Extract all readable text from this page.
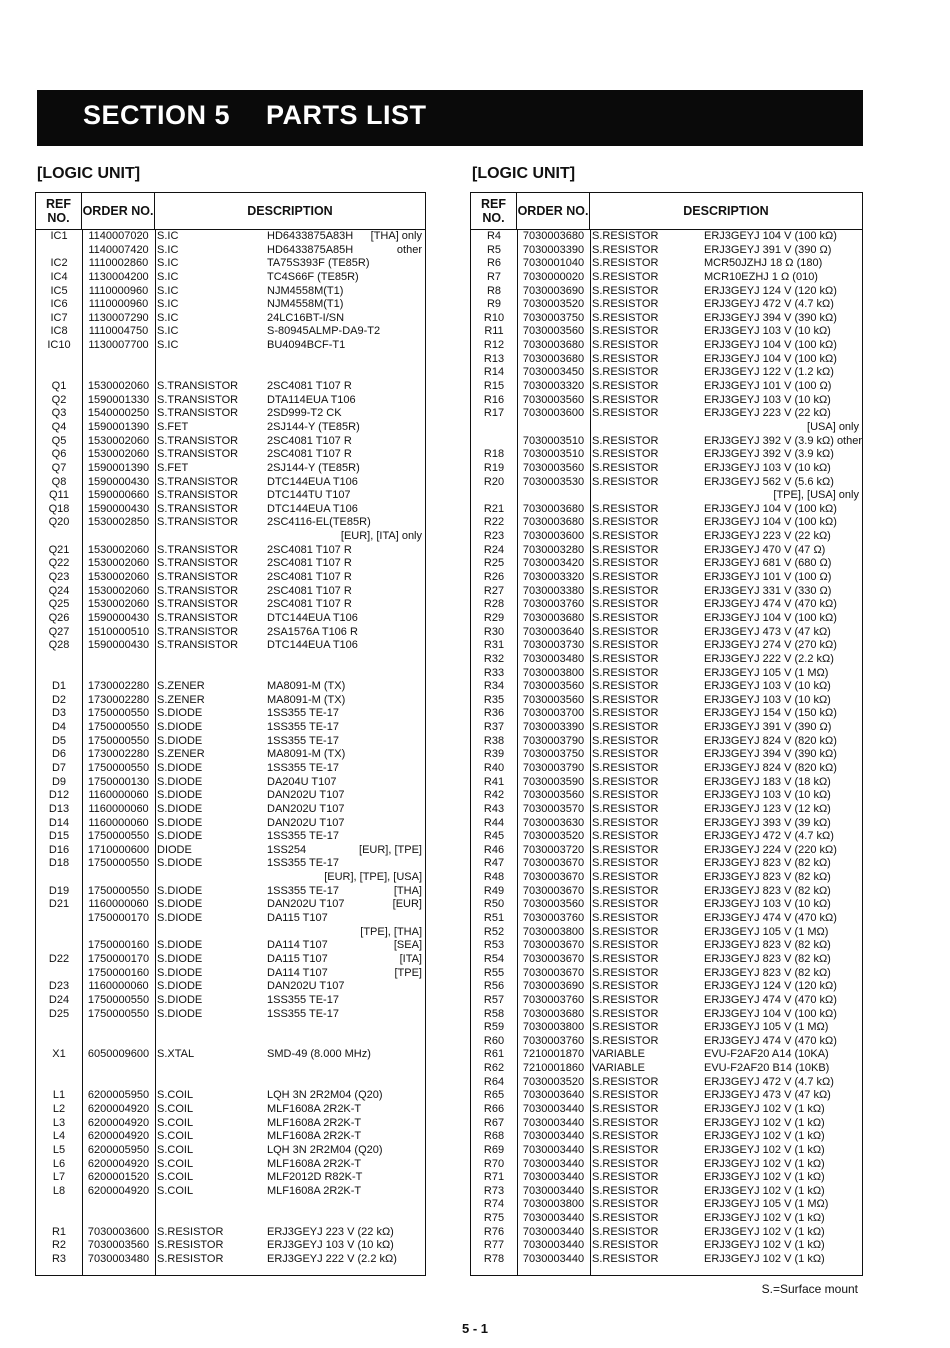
SECTION 5 PARTS LIST
[LOGIC UNIT]	[LOGIC UNIT]
REF NO.	ORDER NO.	DESCRIPTION
IC1	1140007020 S.IC	HD6433875A83H [THA] only
1140007420 S.IC	HD6433875A85H	other
IC2	1110002860 S.IC	TA75S393F (TE85R)
IC4	1130004200 S.IC	TC4S66F (TE85R)
IC5	1110000960 S.IC	NJM4558M(T1)
IC6	1110000960 S.IC	NJM4558M(T1)
IC7	1130007290 S.IC	24LC16BT-I/SN
IC8	1110004750 S.IC	S-80945ALMP-DA9-T2
IC10	1130007700 S.IC	BU4094BCF-T1
Q1	1530002060 S.TRANSISTOR	2SC4081 T107 R
Q2	1590001330 S.TRANSISTOR	DTA114EUA T106
Q3	1540000250 S.TRANSISTOR	2SD999-T2 CK
Q4	1590001390 S.FET	2SJ144-Y (TE85R)
Q5	1530002060 S.TRANSISTOR	2SC4081 T107 R
Q6	1530002060 S.TRANSISTOR	2SC4081 T107 R
Q7	1590001390 S.FET	2SJ144-Y (TE85R)
Q8	1590000430 S.TRANSISTOR	DTC144EUA T106
Q11	1590000660 S.TRANSISTOR	DTC144TU T107
Q18	1590000430 S.TRANSISTOR	DTC144EUA T106
Q20	1530002850 S.TRANSISTOR	2SC4116-EL(TE85R)
[EUR], [ITA] only
Q21	1530002060 S.TRANSISTOR	2SC4081 T107 R
Q22	1530002060 S.TRANSISTOR	2SC4081 T107 R
Q23	1530002060 S.TRANSISTOR	2SC4081 T107 R
Q24	1530002060 S.TRANSISTOR	2SC4081 T107 R
Q25	1530002060 S.TRANSISTOR	2SC4081 T107 R
Q26	1590000430 S.TRANSISTOR	DTC144EUA T106
Q27	1510000510 S.TRANSISTOR	2SA1576A T106 R
Q28	1590000430 S.TRANSISTOR	DTC144EUA T106
D1	1730002280 S.ZENER	MA8091-M (TX)
D2	1730002280 S.ZENER	MA8091-M (TX)
D3	1750000550 S.DIODE	1SS355 TE-17
D4	1750000550 S.DIODE	1SS355 TE-17
D5	1750000550 S.DIODE	1SS355 TE-17
D6	1730002280 S.ZENER	MA8091-M (TX)
D7	1750000550 S.DIODE	1SS355 TE-17
D9	1750000130 S.DIODE	DA204U T107
D12	1160000060 S.DIODE	DAN202U T107
D13	1160000060 S.DIODE	DAN202U T107
D14	1160000060 S.DIODE	DAN202U T107
D15	1750000550 S.DIODE	1SS355 TE-17
D16	1710000600 DIODE	1SS254	[EUR], [TPE]
D18	1750000550 S.DIODE	1SS355 TE-17
[EUR], [TPE], [USA]
D19	1750000550 S.DIODE	1SS355 TE-17	[THA]
D21	1160000060 S.DIODE	DAN202U T107	[EUR]
1750000170 S.DIODE	DA115 T107
[TPE], [THA]
1750000160 S.DIODE	DA114 T107	[SEA]
D22	1750000170 S.DIODE	DA115 T107	[ITA]
1750000160 S.DIODE	DA114 T107	[TPE]
D23	1160000060 S.DIODE	DAN202U T107
D24	1750000550 S.DIODE	1SS355 TE-17
D25	1750000550 S.DIODE	1SS355 TE-17
X1	6050009600 S.XTAL	SMD-49 (8.000 MHz)
L1	6200005950 S.COIL	LQH 3N 2R2M04 (Q20)
L2	6200004920 S.COIL	MLF1608A 2R2K-T
L3	6200004920 S.COIL	MLF1608A 2R2K-T
L4	6200004920 S.COIL	MLF1608A 2R2K-T
L5	6200005950 S.COIL	LQH 3N 2R2M04 (Q20)
L6	6200004920 S.COIL	MLF1608A 2R2K-T
L7	6200001520 S.COIL	MLF2012D R82K-T
L8	6200004920 S.COIL	MLF1608A 2R2K-T
R1	7030003600 S.RESISTOR	ERJ3GEYJ 223 V (22 kΩ)
R2	7030003560 S.RESISTOR	ERJ3GEYJ 103 V (10 kΩ)
R3	7030003480 S.RESISTOR	ERJ3GEYJ 222 V (2.2 kΩ)
REF NO.	ORDER NO.	DESCRIPTION
R4	7030003680 S.RESISTOR	ERJ3GEYJ 104 V (100 kΩ)
R5	7030003390 S.RESISTOR	ERJ3GEYJ 391 V (390 Ω)
R6	7030001040 S.RESISTOR	MCR50JZHJ 18 Ω (180)
R7	7030000020 S.RESISTOR	MCR10EZHJ 1 Ω (010)
R8	7030003690 S.RESISTOR	ERJ3GEYJ 124 V (120 kΩ)
R9	7030003520 S.RESISTOR	ERJ3GEYJ 472 V (4.7 kΩ)
R10	7030003750 S.RESISTOR	ERJ3GEYJ 394 V (390 kΩ)
R11	7030003560 S.RESISTOR	ERJ3GEYJ 103 V (10 kΩ)
R12	7030003680 S.RESISTOR	ERJ3GEYJ 104 V (100 kΩ)
R13	7030003680 S.RESISTOR	ERJ3GEYJ 104 V (100 kΩ)
R14	7030003450 S.RESISTOR	ERJ3GEYJ 122 V (1.2 kΩ)
R15	7030003320 S.RESISTOR	ERJ3GEYJ 101 V (100 Ω)
R16	7030003560 S.RESISTOR	ERJ3GEYJ 103 V (10 kΩ)
R17	7030003600 S.RESISTOR	ERJ3GEYJ 223 V (22 kΩ)
[USA] only
7030003510 S.RESISTOR	ERJ3GEYJ 392 V (3.9 kΩ) other
R18	7030003510 S.RESISTOR	ERJ3GEYJ 392 V (3.9 kΩ)
R19	7030003560 S.RESISTOR	ERJ3GEYJ 103 V (10 kΩ)
R20	7030003530 S.RESISTOR	ERJ3GEYJ 562 V (5.6 kΩ)
[TPE], [USA] only
R21	7030003680 S.RESISTOR	ERJ3GEYJ 104 V (100 kΩ)
R22	7030003680 S.RESISTOR	ERJ3GEYJ 104 V (100 kΩ)
R23	7030003600 S.RESISTOR	ERJ3GEYJ 223 V (22 kΩ)
R24	7030003280 S.RESISTOR	ERJ3GEYJ 470 V (47 Ω)
R25	7030003420 S.RESISTOR	ERJ3GEYJ 681 V (680 Ω)
R26	7030003320 S.RESISTOR	ERJ3GEYJ 101 V (100 Ω)
R27	7030003380 S.RESISTOR	ERJ3GEYJ 331 V (330 Ω)
R28	7030003760 S.RESISTOR	ERJ3GEYJ 474 V (470 kΩ)
R29	7030003680 S.RESISTOR	ERJ3GEYJ 104 V (100 kΩ)
R30	7030003640 S.RESISTOR	ERJ3GEYJ 473 V (47 kΩ)
R31	7030003730 S.RESISTOR	ERJ3GEYJ 274 V (270 kΩ)
R32	7030003480 S.RESISTOR	ERJ3GEYJ 222 V (2.2 kΩ)
R33	7030003800 S.RESISTOR	ERJ3GEYJ 105 V (1 MΩ)
R34	7030003560 S.RESISTOR	ERJ3GEYJ 103 V (10 kΩ)
R35	7030003560 S.RESISTOR	ERJ3GEYJ 103 V (10 kΩ)
R36	7030003700 S.RESISTOR	ERJ3GEYJ 154 V (150 kΩ)
R37	7030003390 S.RESISTOR	ERJ3GEYJ 391 V (390 Ω)
R38	7030003790 S.RESISTOR	ERJ3GEYJ 824 V (820 kΩ)
R39	7030003750 S.RESISTOR	ERJ3GEYJ 394 V (390 kΩ)
R40	7030003790 S.RESISTOR	ERJ3GEYJ 824 V (820 kΩ)
R41	7030003590 S.RESISTOR	ERJ3GEYJ 183 V (18 kΩ)
R42	7030003560 S.RESISTOR	ERJ3GEYJ 103 V (10 kΩ)
R43	7030003570 S.RESISTOR	ERJ3GEYJ 123 V (12 kΩ)
R44	7030003630 S.RESISTOR	ERJ3GEYJ 393 V (39 kΩ)
R45	7030003520 S.RESISTOR	ERJ3GEYJ 472 V (4.7 kΩ)
R46	7030003720 S.RESISTOR	ERJ3GEYJ 224 V (220 kΩ)
R47	7030003670 S.RESISTOR	ERJ3GEYJ 823 V (82 kΩ)
R48	7030003670 S.RESISTOR	ERJ3GEYJ 823 V (82 kΩ)
R49	7030003670 S.RESISTOR	ERJ3GEYJ 823 V (82 kΩ)
R50	7030003560 S.RESISTOR	ERJ3GEYJ 103 V (10 kΩ)
R51	7030003760 S.RESISTOR	ERJ3GEYJ 474 V (470 kΩ)
R52	7030003800 S.RESISTOR	ERJ3GEYJ 105 V (1 MΩ)
R53	7030003670 S.RESISTOR	ERJ3GEYJ 823 V (82 kΩ)
R54	7030003670 S.RESISTOR	ERJ3GEYJ 823 V (82 kΩ)
R55	7030003670 S.RESISTOR	ERJ3GEYJ 823 V (82 kΩ)
R56	7030003690 S.RESISTOR	ERJ3GEYJ 124 V (120 kΩ)
R57	7030003760 S.RESISTOR	ERJ3GEYJ 474 V (470 kΩ)
R58	7030003680 S.RESISTOR	ERJ3GEYJ 104 V (100 kΩ)
R59	7030003800 S.RESISTOR	ERJ3GEYJ 105 V (1 MΩ)
R60	7030003760 S.RESISTOR	ERJ3GEYJ 474 V (470 kΩ)
R61	7210001870 VARIABLE	EVU-F2AF20 A14 (10KA)
R62	7210001860 VARIABLE	EVU-F2AF20 B14 (10KB)
R64	7030003520 S.RESISTOR	ERJ3GEYJ 472 V (4.7 kΩ)
R65	7030003640 S.RESISTOR	ERJ3GEYJ 473 V (47 kΩ)
R66	7030003440 S.RESISTOR	ERJ3GEYJ 102 V (1 kΩ)
R67	7030003440 S.RESISTOR	ERJ3GEYJ 102 V (1 kΩ)
R68	7030003440 S.RESISTOR	ERJ3GEYJ 102 V (1 kΩ)
R69	7030003440 S.RESISTOR	ERJ3GEYJ 102 V (1 kΩ)
R70	7030003440 S.RESISTOR	ERJ3GEYJ 102 V (1 kΩ)
R71	7030003440 S.RESISTOR	ERJ3GEYJ 102 V (1 kΩ)
R73	7030003440 S.RESISTOR	ERJ3GEYJ 102 V (1 kΩ)
R74	7030003800 S.RESISTOR	ERJ3GEYJ 105 V (1 MΩ)
R75	7030003440 S.RESISTOR	ERJ3GEYJ 102 V (1 kΩ)
R76	7030003440 S.RESISTOR	ERJ3GEYJ 102 V (1 kΩ)
R77	7030003440 S.RESISTOR	ERJ3GEYJ 102 V (1 kΩ)
R78	7030003440 S.RESISTOR	ERJ3GEYJ 102 V (1 kΩ)
S.=Surface mount
5 - 1
